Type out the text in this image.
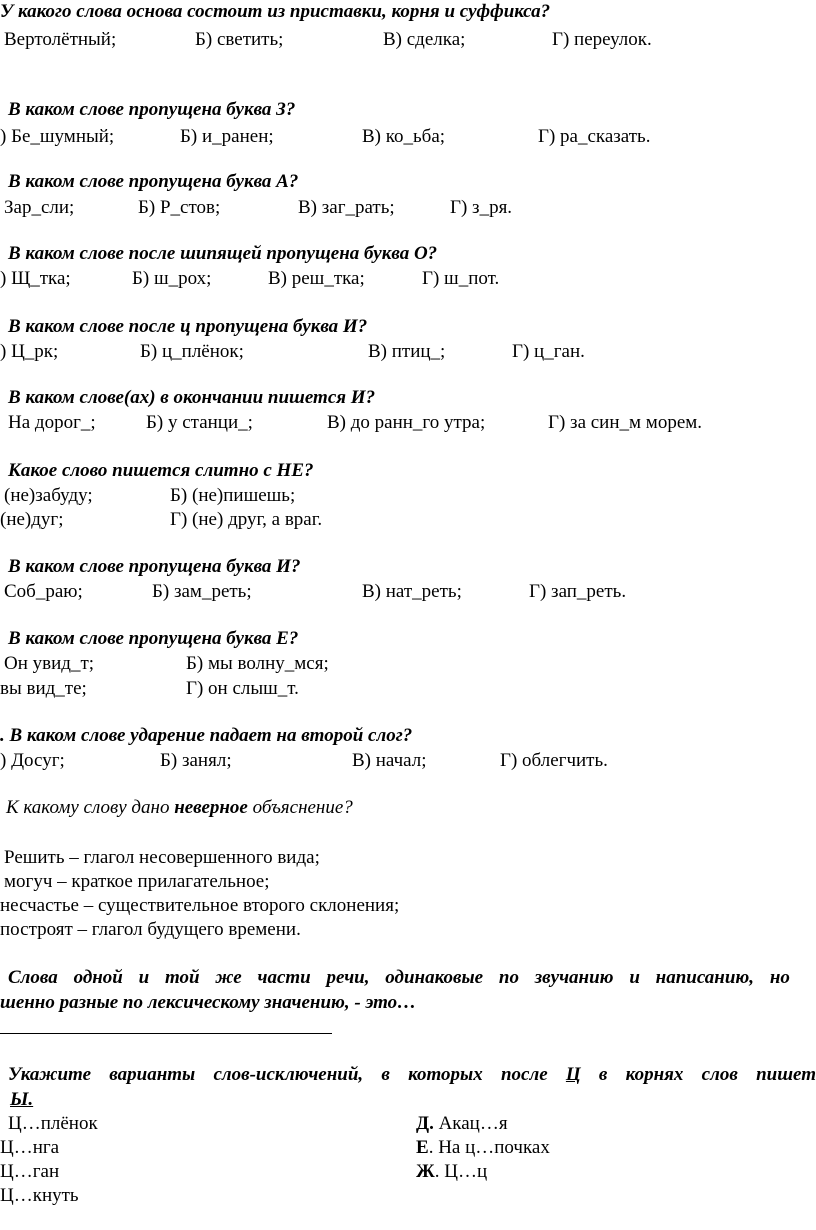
У какого слова основа состоит из приставки, корня и суффикса?
Вертолётный;	Б) светить;	В) сделка;	Г) переулок.
В каком слове пропущена буква З?
) Бе_шумный;	Б) и_ранен;	В) ко_ьба;	Г) ра_сказать.
В каком слове пропущена буква А?
Зар_сли;	Б) Р_стов;	В) заг_рать;	Г) з_ря.
В каком слове после шипящей пропущена буква О?
) Щ_тка;	Б) ш_рох;	В) реш_тка;	Г) ш_пот.
В каком слове после ц пропущена буква И?
) Ц_рк;	Б) ц_плёнок;	В) птиц_;	Г) ц_ган.
В каком слове(ах) в окончании пишется И?
На дорог_;	Б) у станци_;	В) до ранн_го утра;	Г) за син_м морем.
Какое слово пишется слитно с НЕ?
(не)забуду;	Б) (не)пишешь;
(не)дуг;	Г) (не) друг, а враг.
В каком слове пропущена буква И?
Соб_раю;	Б) зам_реть;	В) нат_реть;	Г) зап_реть.
В каком слове пропущена буква Е?
Он увид_т;	Б) мы волну_мся;
вы вид_те;	Г) он слыш_т.
. В каком слове ударение падает на второй слог?
) Досуг;	Б) занял;	В) начал;	Г) облегчить.
К какому слову дано неверное объяснение?
Решить – глагол несовершенного вида;
могуч – краткое прилагательное;
несчастье – существительное второго склонения;
построят – глагол будущего времени.
Слова одной и той же части речи, одинаковые по звучанию и написанию, но
шенно разные по лексическому значению, - это…
Укажите варианты слов-исключений, в которых после Ц в корнях слов пишет
Ы.
Ц…плёнок
Ц…нга
Ц…ган
Ц…кнуть
Д. Акац…я
Е. На ц…почках
Ж. Ц…ц
